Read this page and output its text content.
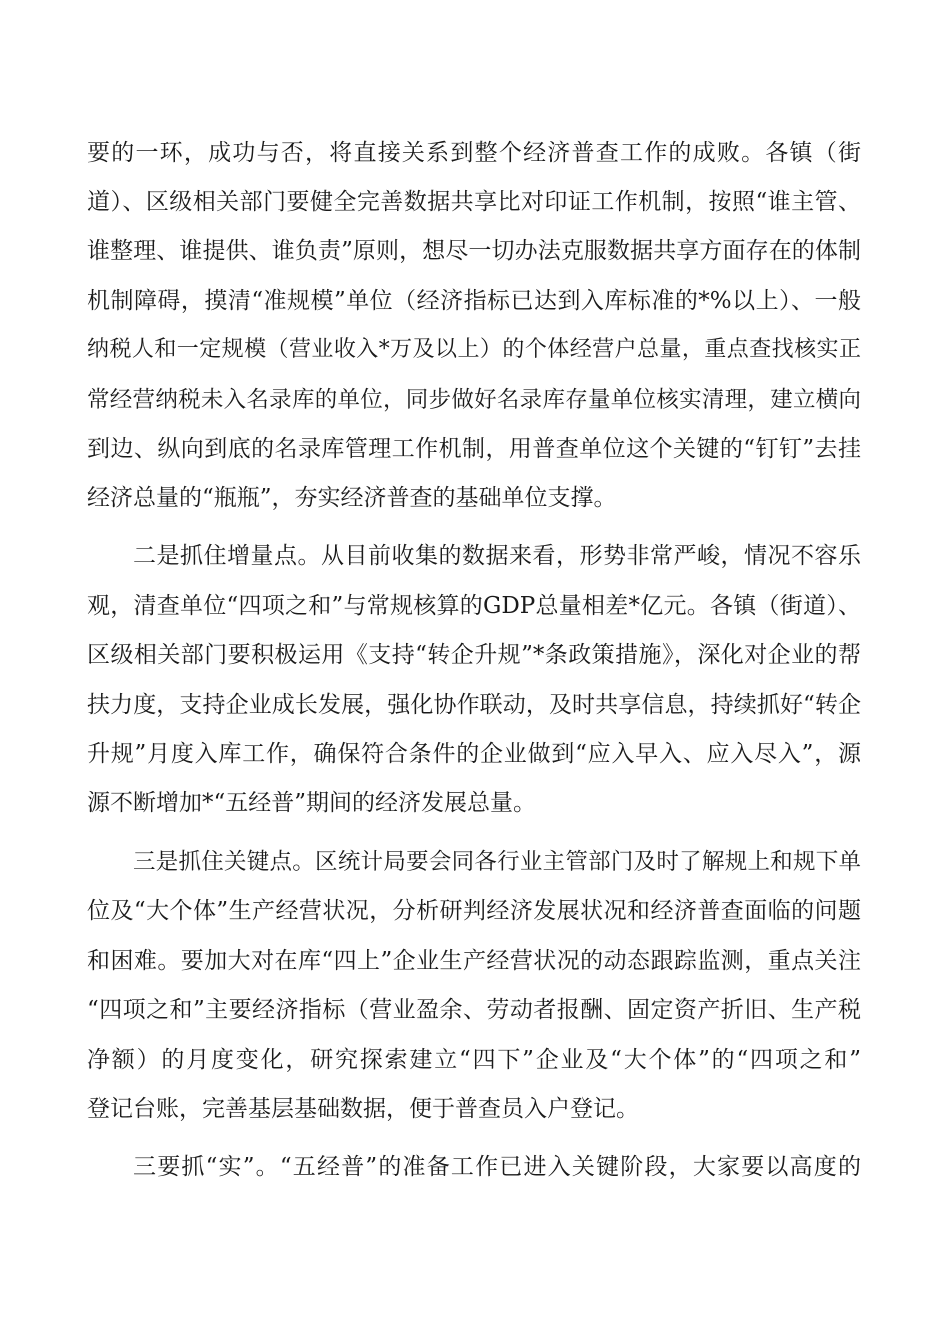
要的一环，成功与否，将直接关系到整个经济普查工作的成败。各镇（街
道）、区级相关部门要健全完善数据共享比对印证工作机制，按照“谁主管、
谁整理、谁提供、谁负责”原则，想尽一切办法克服数据共享方面存在的体制
机制障碍，摸清“准规模”单位（经济指标已达到入库标准的*%以上）、一般
纳税人和一定规模（营业收入*万及以上）的个体经营户总量，重点查找核实正
常经营纳税未入名录库的单位，同步做好名录库存量单位核实清理，建立横向
到边、纵向到底的名录库管理工作机制，用普查单位这个关键的“钉钉”去挂
经济总量的“瓶瓶”，夯实经济普查的基础单位支撑。
二是抓住增量点。从目前收集的数据来看，形势非常严峻，情况不容乐
观，清查单位“四项之和”与常规核算的GDP总量相差*亿元。各镇（街道）、
区级相关部门要积极运用《支持“转企升规”*条政策措施》，深化对企业的帮
扶力度，支持企业成长发展，强化协作联动，及时共享信息，持续抓好“转企
升规”月度入库工作，确保符合条件的企业做到“应入早入、应入尽入”，源
源不断增加*“五经普”期间的经济发展总量。
三是抓住关键点。区统计局要会同各行业主管部门及时了解规上和规下单
位及“大个体”生产经营状况，分析研判经济发展状况和经济普查面临的问题
和困难。要加大对在库“四上”企业生产经营状况的动态跟踪监测，重点关注
“四项之和”主要经济指标（营业盈余、劳动者报酬、固定资产折旧、生产税
净额）的月度变化，研究探索建立“四下”企业及“大个体”的“四项之和”
登记台账，完善基层基础数据，便于普查员入户登记。
三要抓“实”。“五经普”的准备工作已进入关键阶段，大家要以高度的
